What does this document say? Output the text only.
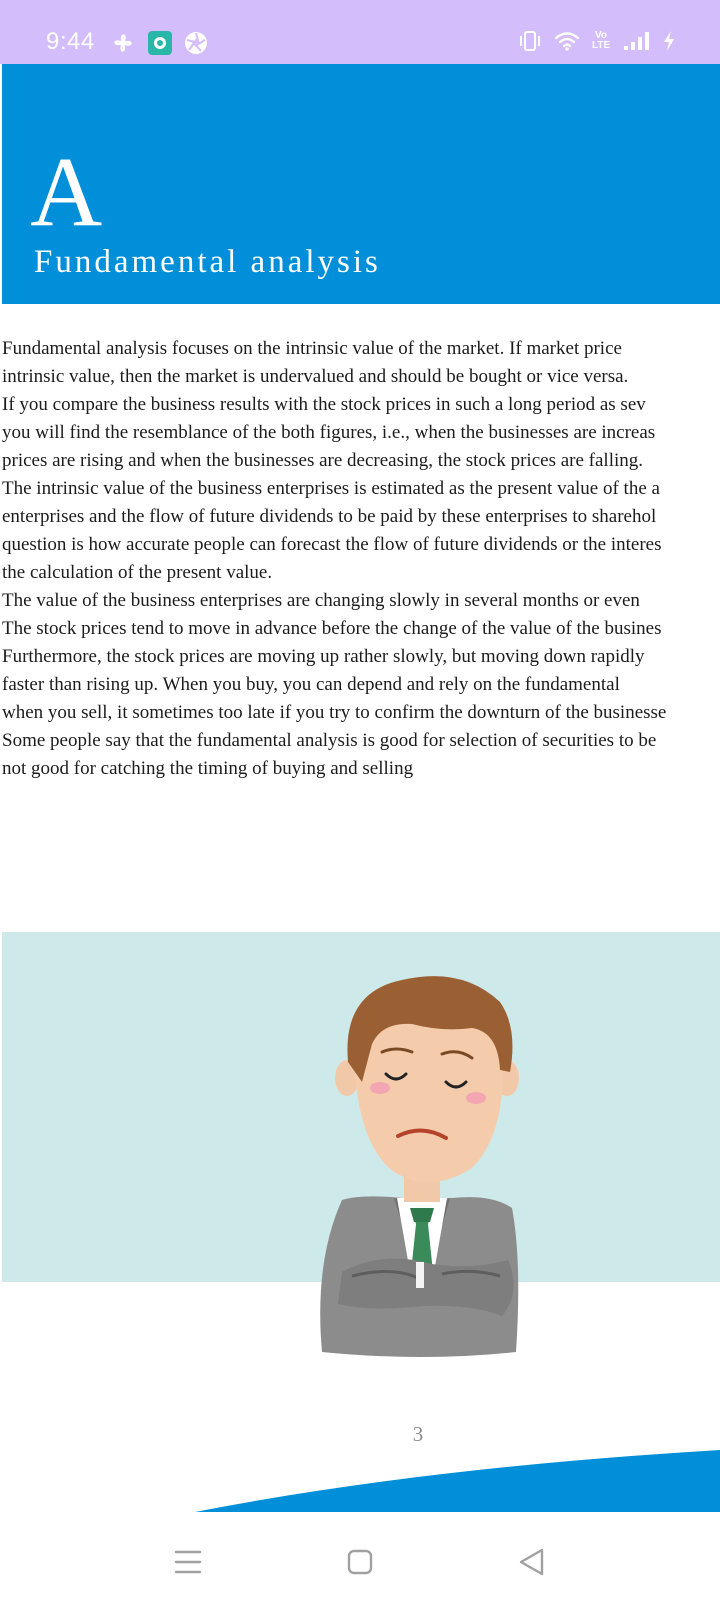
9:44	Vo
LTE
A
Fundamental analysis
Fundamental analysis focuses on the intrinsic value of the market. If market price
intrinsic value, then the market is undervalued and should be bought or vice versa.
If you compare the business results with the stock prices in such a long period as sev
you will find the resemblance of the both figures, i.e., when the businesses are increas
prices are rising and when the businesses are decreasing, the stock prices are falling.
The intrinsic value of the business enterprises is estimated as the present value of the a
enterprises and the flow of future dividends to be paid by these enterprises to sharehol
question is how accurate people can forecast the flow of future dividends or the interes
the calculation of the present value.
The value of the business enterprises are changing slowly in several months or even
The stock prices tend to move in advance before the change of the value of the busines
Furthermore, the stock prices are moving up rather slowly, but moving down rapidly
faster than rising up. When you buy, you can depend and rely on the fundamental
when you sell, it sometimes too late if you try to confirm the downturn of the businesse
Some people say that the fundamental analysis is good for selection of securities to be
not good for catching the timing of buying and selling
3
